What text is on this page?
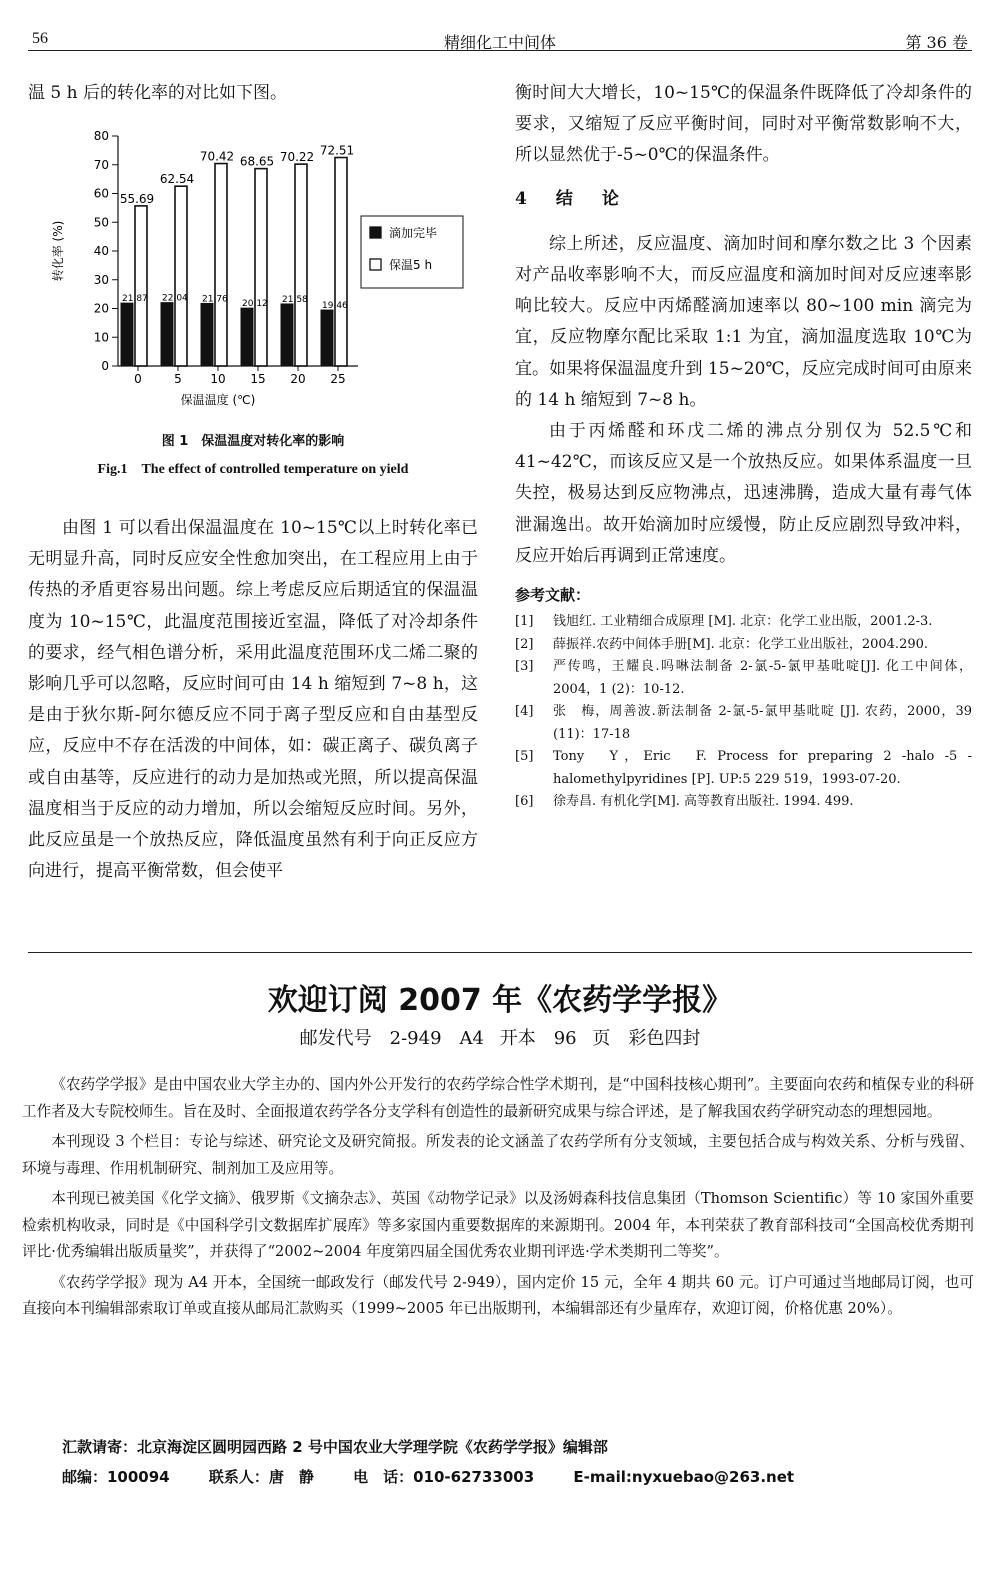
56	精细化工中间体	第 36 卷

温 5 h 后的转化率的对比如下图。

0
10
20
30
40
50
60
70
80
转化率 (%)
21.87
55.69
0
22.04
62.54
5
21.76
70.42
10
20.12
68.65
15
21.58
70.22
20
19.46
72.51
25
保温温度 (℃)
滴加完毕
保温5 h
图 1　保温温度对转化率的影响
Fig.1　The effect of controlled temperature on yield

由图 1 可以看出保温温度在 10~15℃以上时转化率已无明显升高，同时反应安全性愈加突出，在工程应用上由于传热的矛盾更容易出问题。综上考虑反应后期适宜的保温温度为 10~15℃，此温度范围接近室温，降低了对冷却条件的要求，经气相色谱分析，采用此温度范围环戊二烯二聚的影响几乎可以忽略，反应时间可由 14 h 缩短到 7~8 h，这是由于狄尔斯-阿尔德反应不同于离子型反应和自由基型反应，反应中不存在活泼的中间体，如：碳正离子、碳负离子或自由基等，反应进行的动力是加热或光照，所以提高保温温度相当于反应的动力增加，所以会缩短反应时间。另外，此反应虽是一个放热反应，降低温度虽然有利于向正反应方向进行，提高平衡常数，但会使平

衡时间大大增长，10~15℃的保温条件既降低了冷却条件的要求，又缩短了反应平衡时间，同时对平衡常数影响不大，所以显然优于-5~0℃的保温条件。

4　结　论

综上所述，反应温度、滴加时间和摩尔数之比 3 个因素对产品收率影响不大，而反应温度和滴加时间对反应速率影响比较大。反应中丙烯醛滴加速率以 80~100 min 滴完为宜，反应物摩尔配比采取 1:1 为宜，滴加温度选取 10℃为宜。如果将保温温度升到 15~20℃，反应完成时间可由原来的 14 h 缩短到 7~8 h。

由于丙烯醛和环戊二烯的沸点分别仅为 52.5℃和 41~42℃，而该反应又是一个放热反应。如果体系温度一旦失控，极易达到反应物沸点，迅速沸腾，造成大量有毒气体泄漏逸出。故开始滴加时应缓慢，防止反应剧烈导致冲料，反应开始后再调到正常速度。

参考文献：

[1]	钱旭红. 工业精细合成原理 [M]. 北京：化学工业出版，2001.2-3.
[2]	薛振祥.农药中间体手册[M]. 北京：化学工业出版社，2004.290.
[3]	严传鸣，王耀良.吗啉法制备 2-氯-5-氯甲基吡啶[J]. 化工中间体，2004，1 (2)：10-12.
[4]	张　梅，周善波.新法制备 2-氯-5-氯甲基吡啶 [J]. 农药，2000，39 (11)：17-18
[5]	Tony　Y，Eric　F. Process for preparing 2 -halo -5 -halomethylpyridines [P]. UP:5 229 519，1993-07-20.
[6]	徐寿昌. 有机化学[M]. 高等教育出版社. 1994. 499.
欢迎订阅 2007 年《农药学学报》
邮发代号　2-949　A4 开本　96 页　彩色四封

《农药学学报》是由中国农业大学主办的、国内外公开发行的农药学综合性学术期刊，是“中国科技核心期刊”。主要面向农药和植保专业的科研工作者及大专院校师生。旨在及时、全面报道农药学各分支学科有创造性的最新研究成果与综合评述，是了解我国农药学研究动态的理想园地。

本刊现设 3 个栏目：专论与综述、研究论文及研究简报。所发表的论文涵盖了农药学所有分支领域，主要包括合成与构效关系、分析与残留、环境与毒理、作用机制研究、制剂加工及应用等。

本刊现已被美国《化学文摘》、俄罗斯《文摘杂志》、英国《动物学记录》以及汤姆森科技信息集团（Thomson Scientific）等 10 家国外重要检索机构收录，同时是《中国科学引文数据库扩展库》等多家国内重要数据库的来源期刊。2004 年，本刊荣获了教育部科技司“全国高校优秀期刊评比·优秀编辑出版质量奖”，并获得了“2002~2004 年度第四届全国优秀农业期刊评选·学术类期刊二等奖”。

《农药学学报》现为 A4 开本，全国统一邮政发行（邮发代号 2-949），国内定价 15 元，全年 4 期共 60 元。订户可通过当地邮局订阅，也可直接向本刊编辑部索取订单或直接从邮局汇款购买（1999~2005 年已出版期刊，本编辑部还有少量库存，欢迎订阅，价格优惠 20%）。

汇款请寄：北京海淀区圆明园西路 2 号中国农业大学理学院《农药学学报》编辑部
邮编：100094	联系人：唐　静	电　话：010-62733003	E-mail:nyxuebao@263.net
